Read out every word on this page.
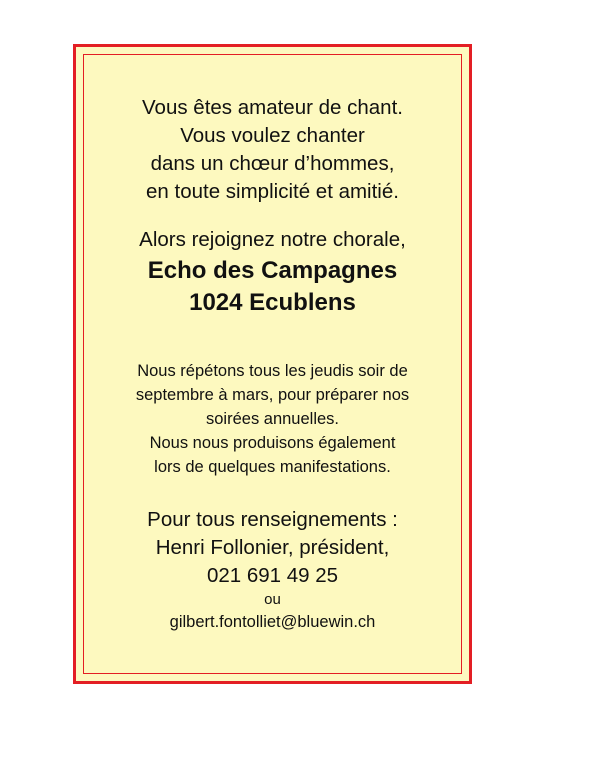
Vous êtes amateur de chant.
Vous voulez chanter
dans un chœur d’hommes,
en toute simplicité et amitié.

Alors rejoignez notre chorale,
Echo des Campagnes
1024 Ecublens

Nous répétons tous les jeudis soir de
septembre à mars, pour préparer nos
soirées annuelles.
Nous nous produisons également
lors de quelques manifestations.

Pour tous renseignements :
Henri Follonier, président,
021 691 49 25
ou
gilbert.fontolliet@bluewin.ch
